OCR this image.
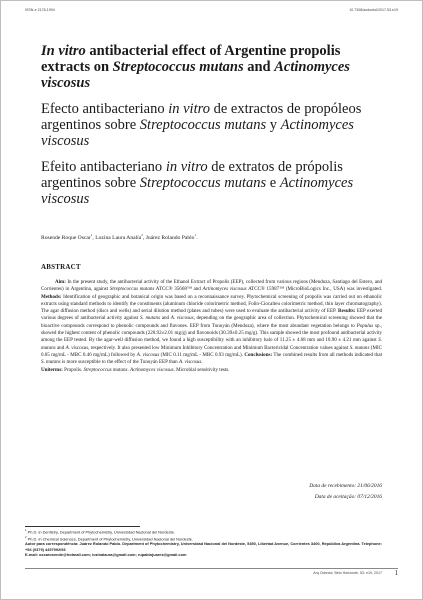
ISSN-e 2176-1994	10.7308/aodontol/2017.53.e19

In vitro antibacterial effect of Argentine propolis extracts on Streptococcus mutans and Actinomyces viscosus

Efecto antibacteriano in vitro de extractos de propóleos argentinos sobre Streptococcus mutans y Actinomyces viscosus

Efeito antibacteriano in vitro de extratos de própolis argentinos sobre Streptococcus mutans e Actinomyces viscosus

Rosende Roque Oscar$^1$, Lozina Laura Analía$^2$, Juárez Rolando Pablo$^1$.
ABSTRACT

Aim: In the present study, the antibacterial activity of the Ethanol Extract of Propolis (EEP), collected from various regions (Mendoza, Santiago del Estero, and Corrientes) in Argentina, against Streptococcus mutans ATCC® 35668™ and Actinomyces viscosus ATCC® 15987™ (MicroBioLogics Inc., USA) was investigated. Methods: Identification of geographic and botanical origin was based on a reconnaissance survey. Phytochemical screening of propolis was carried out on ethanolic extracts using standard methods to identify the constituents (aluminum chloride colorimetric method, Folin-Ciocalteu colorimetric method, thin layer chromatography). The agar diffusion method (discs and wells) and serial dilution method (plates and tubes) were used to evaluate the antibacterial activity of EEP. Results: EEP exerted various degrees of antibacterial activity against S. mutans and A. viscosus, depending on the geographic area of collection. Phytochemical screening showed that the bioactive compounds correspond to phenolic compounds and flavones. EEP from Tunuyán (Mendoza), where the most abundant vegetation belongs to Populus sp., showed the highest content of phenolic compounds (220.92±2.01 mg/g) and flavonoids (30.39±0.25 mg/g). This sample showed the most profound antibacterial activity among the EEP tested. By the agar-well diffusion method, we found a high susceptibility with an inhibitory halo of 11.25 ± 4.68 mm and 10.90 ± 4.21 mm against S. mutans and A. viscosus, respectively. It also presented low Minimum Inhibitory Concentration and Minimum Bactericidal Concentration values against S. mutans (MIC 0.05 mg/mL - MBC 0.46 mg/mL) followed by A. viscosus (MIC 0.11 mg/mL - MBC 0.93 mg/mL). Conclusions: The combined results from all methods indicated that S. mutans is more susceptible to the effect of the Tunuyán EEP than A. viscosus.

Uniterms: Propolis. Streptococcus mutans. Actinomyces viscosus. Microbial sensitivity tests.

Data de recebimento: 21/06/2016
Data de aceitação: 07/12/2016
$^1$ Ph.D. in Dentistry, Department of Phytochemistry, Universidad Nacional del Nordeste.
$^2$ Ph.D. in Chemical Sciences, Department of Phytochemistry, Universidad Nacional del Nordeste.
Autor para correspondência: Juárez Rolando Pablo. Department of Phytochemistry, Universidad Nacional del Nordeste, 5450, Libertad Avenue, Corrientes 3400, República Argentina. Telephone: +54 (0379) 4457992/93
E-mail: oscarosende@hotmail.com; lozinalaura@gmail.com; rupablojuarez@gmail.com
Arq Odontol, Belo Horizonte, 53: e19, 2017 1
